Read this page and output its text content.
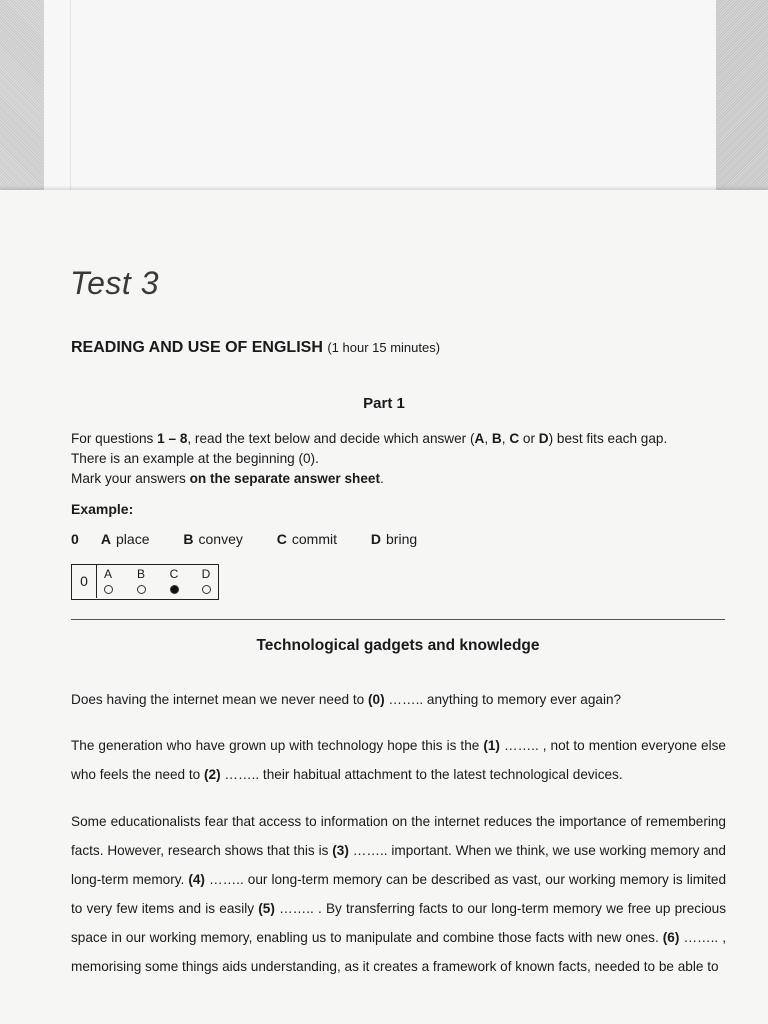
Test 3
READING AND USE OF ENGLISH (1 hour 15 minutes)
Part 1

For questions 1 – 8, read the text below and decide which answer (A, B, C or D) best fits each gap.

There is an example at the beginning (0).

Mark your answers on the separate answer sheet.

Example:
0 A place B convey C commit D bring
0	A	B	C	D
Technological gadgets and knowledge

Does having the internet mean we never need to (0) …….. anything to memory ever again?

The generation who have grown up with technology hope this is the (1) …….. , not to mention everyone else who feels the need to (2) …….. their habitual attachment to the latest technological devices.

Some educationalists fear that access to information on the internet reduces the importance of remembering facts. However, research shows that this is (3) …….. important. When we think, we use working memory and long-term memory. (4) …….. our long-term memory can be described as vast, our working memory is limited to very few items and is easily (5) …….. . By transferring facts to our long-term memory we free up precious space in our working memory, enabling us to manipulate and combine those facts with new ones. (6) …….. , memorising some things aids understanding, as it creates a framework of known facts, needed to be able to
